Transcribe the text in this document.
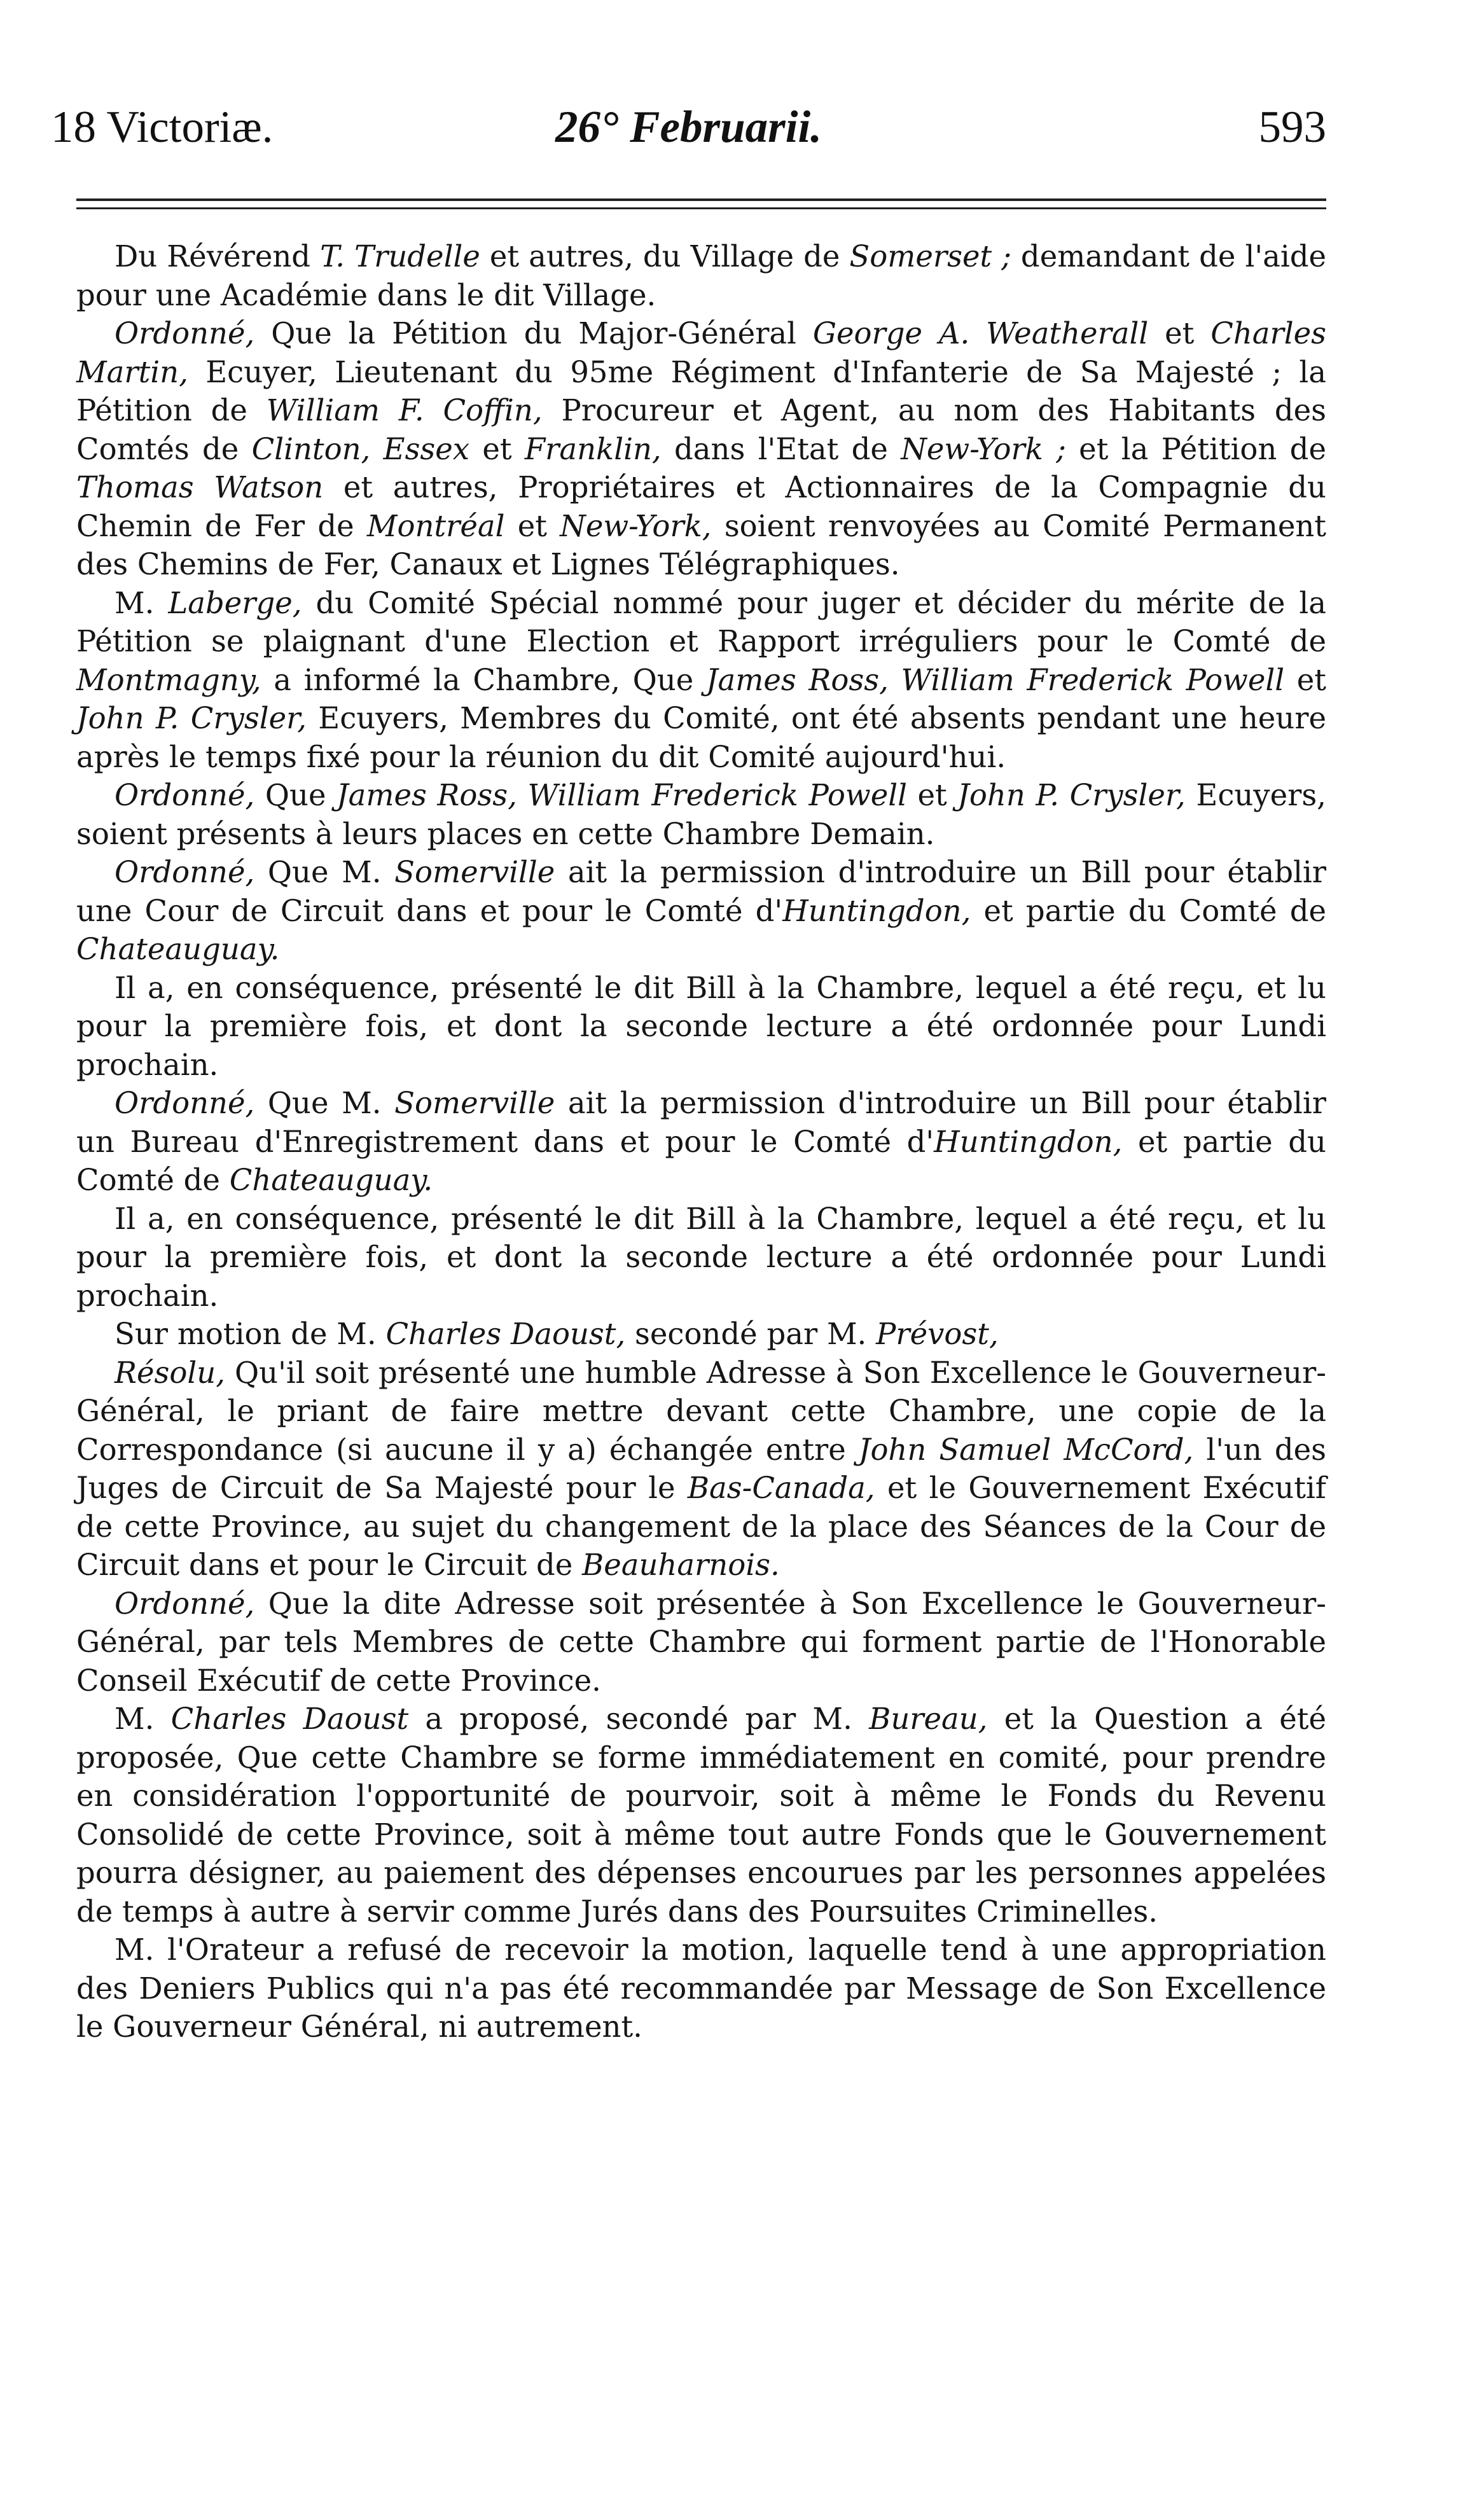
18 Victoriæ.	26° Februarii.	593
Du Révérend T. Trudelle et autres, du Village de Somerset ; demandant de l'aide pour une Académie dans le dit Village.
Ordonné, Que la Pétition du Major-Général George A. Weatherall et Charles Martin, Ecuyer, Lieutenant du 95me Régiment d'Infanterie de Sa Majesté ; la Pétition de William F. Coffin, Procureur et Agent, au nom des Habitants des Comtés de Clinton, Essex et Franklin, dans l'Etat de New-York ; et la Pétition de Thomas Watson et autres, Propriétaires et Actionnaires de la Compagnie du Chemin de Fer de Montréal et New-York, soient renvoyées au Comité Permanent des Chemins de Fer, Canaux et Lignes Télégraphiques.
M. Laberge, du Comité Spécial nommé pour juger et décider du mérite de la Pétition se plaignant d'une Election et Rapport irréguliers pour le Comté de Montmagny, a informé la Chambre, Que James Ross, William Frederick Powell et John P. Crysler, Ecuyers, Membres du Comité, ont été absents pendant une heure après le temps fixé pour la réunion du dit Comité aujourd'hui.
Ordonné, Que James Ross, William Frederick Powell et John P. Crysler, Ecuyers, soient présents à leurs places en cette Chambre Demain.
Ordonné, Que M. Somerville ait la permission d'introduire un Bill pour établir une Cour de Circuit dans et pour le Comté d'Huntingdon, et partie du Comté de Chateauguay.
Il a, en conséquence, présenté le dit Bill à la Chambre, lequel a été reçu, et lu pour la première fois, et dont la seconde lecture a été ordonnée pour Lundi prochain.
Ordonné, Que M. Somerville ait la permission d'introduire un Bill pour établir un Bureau d'Enregistrement dans et pour le Comté d'Huntingdon, et partie du Comté de Chateauguay.
Il a, en conséquence, présenté le dit Bill à la Chambre, lequel a été reçu, et lu pour la première fois, et dont la seconde lecture a été ordonnée pour Lundi prochain.
Sur motion de M. Charles Daoust, secondé par M. Prévost,
Résolu, Qu'il soit présenté une humble Adresse à Son Excellence le Gouverneur-Général, le priant de faire mettre devant cette Chambre, une copie de la Correspondance (si aucune il y a) échangée entre John Samuel McCord, l'un des Juges de Circuit de Sa Majesté pour le Bas-Canada, et le Gouvernement Exécutif de cette Province, au sujet du changement de la place des Séances de la Cour de Circuit dans et pour le Circuit de Beauharnois.
Ordonné, Que la dite Adresse soit présentée à Son Excellence le Gouverneur-Général, par tels Membres de cette Chambre qui forment partie de l'Honorable Conseil Exécutif de cette Province.
M. Charles Daoust a proposé, secondé par M. Bureau, et la Question a été proposée, Que cette Chambre se forme immédiatement en comité, pour prendre en considération l'opportunité de pourvoir, soit à même le Fonds du Revenu Consolidé de cette Province, soit à même tout autre Fonds que le Gouvernement pourra désigner, au paiement des dépenses encourues par les personnes appelées de temps à autre à servir comme Jurés dans des Poursuites Criminelles.
M. l'Orateur a refusé de recevoir la motion, laquelle tend à une appropriation des Deniers Publics qui n'a pas été recommandée par Message de Son Excellence le Gouverneur Général, ni autrement.
